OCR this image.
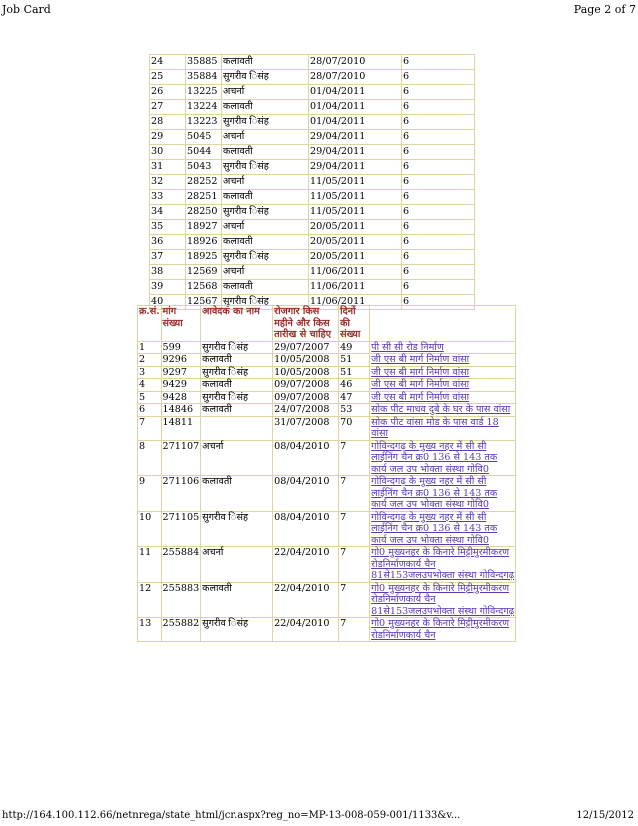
Job Card	Page 2 of 7
24	35885	कलावती	28/07/2010	6
25	35884	सुगरीव िसंह	28/07/2010	6
26	13225	अचर्ना	01/04/2011	6
27	13224	कलावती	01/04/2011	6
28	13223	सुगरीव िसंह	01/04/2011	6
29	5045	अचर्ना	29/04/2011	6
30	5044	कलावती	29/04/2011	6
31	5043	सुगरीव िसंह	29/04/2011	6
32	28252	अचर्ना	11/05/2011	6
33	28251	कलावती	11/05/2011	6
34	28250	सुगरीव िसंह	11/05/2011	6
35	18927	अचर्ना	20/05/2011	6
36	18926	कलावती	20/05/2011	6
37	18925	सुगरीव िसंह	20/05/2011	6
38	12569	अचर्ना	11/06/2011	6
39	12568	कलावती	11/06/2011	6
40	12567	सुगरीव िसंह	11/06/2011	6
क्र.सं.	मांग संख्या	आवेदक का नाम	रोजगार किस महीने और किस तारीख से चाहिए	दिनों की संख्या	
1	599	सुगरीव िसंह	29/07/2007	49	पी सी सी रोड निर्माण
2	9296	कलावती	10/05/2008	51	जी एस बी मार्ग निर्माण वांसा
3	9297	सुगरीव िसंह	10/05/2008	51	जी एस बी मार्ग निर्माण वांसा
4	9429	कलावती	09/07/2008	46	जी एस बी मार्ग निर्माण वांसा
5	9428	सुगरीव िसंह	09/07/2008	47	जी एस बी मार्ग निर्माण वांसा
6	14846	कलावती	24/07/2008	53	सोक पीट माधव दुबे के घर के पास वांसा
7	14811		31/07/2008	70	सोक पीट वांसा मोड के पास वार्ड 18 वांसा
8	271107	अचर्ना	08/04/2010	7	गोविन्दगढ़ के मुख्य नहर में सी सी लाईनिंग चैन क्र0 136 से 143 तक कार्य जल उप भोक्ता संस्था गोवि0
9	271106	कलावती	08/04/2010	7	गोविन्दगढ़ के मुख्य नहर में सी सी लाईनिंग चैन क्र0 136 से 143 तक कार्य जल उप भोक्ता संस्था गोवि0
10	271105	सुगरीव िसंह	08/04/2010	7	गोविन्दगढ़ के मुख्य नहर में सी सी लाईनिंग चैन क्र0 136 से 143 तक कार्य जल उप भोक्ता संस्था गोवि0
11	255884	अचर्ना	22/04/2010	7	गो0 मुख्यनहर के किनारे मिट्टीमुरमीकरण रोडनिर्माणकार्य चैन 81से153जलउपभोक्ता संस्था गोविन्दगढ़
12	255883	कलावती	22/04/2010	7	गो0 मुख्यनहर के किनारे मिट्टीमुरमीकरण रोडनिर्माणकार्य चैन 81से153जलउपभोक्ता संस्था गोविन्दगढ़
13	255882	सुगरीव िसंह	22/04/2010	7	गो0 मुख्यनहर के किनारे मिट्टीमुरमीकरण रोडनिर्माणकार्य चैन
http://164.100.112.66/netnrega/state_html/jcr.aspx?reg_no=MP-13-008-059-001/1133&v...	12/15/2012
